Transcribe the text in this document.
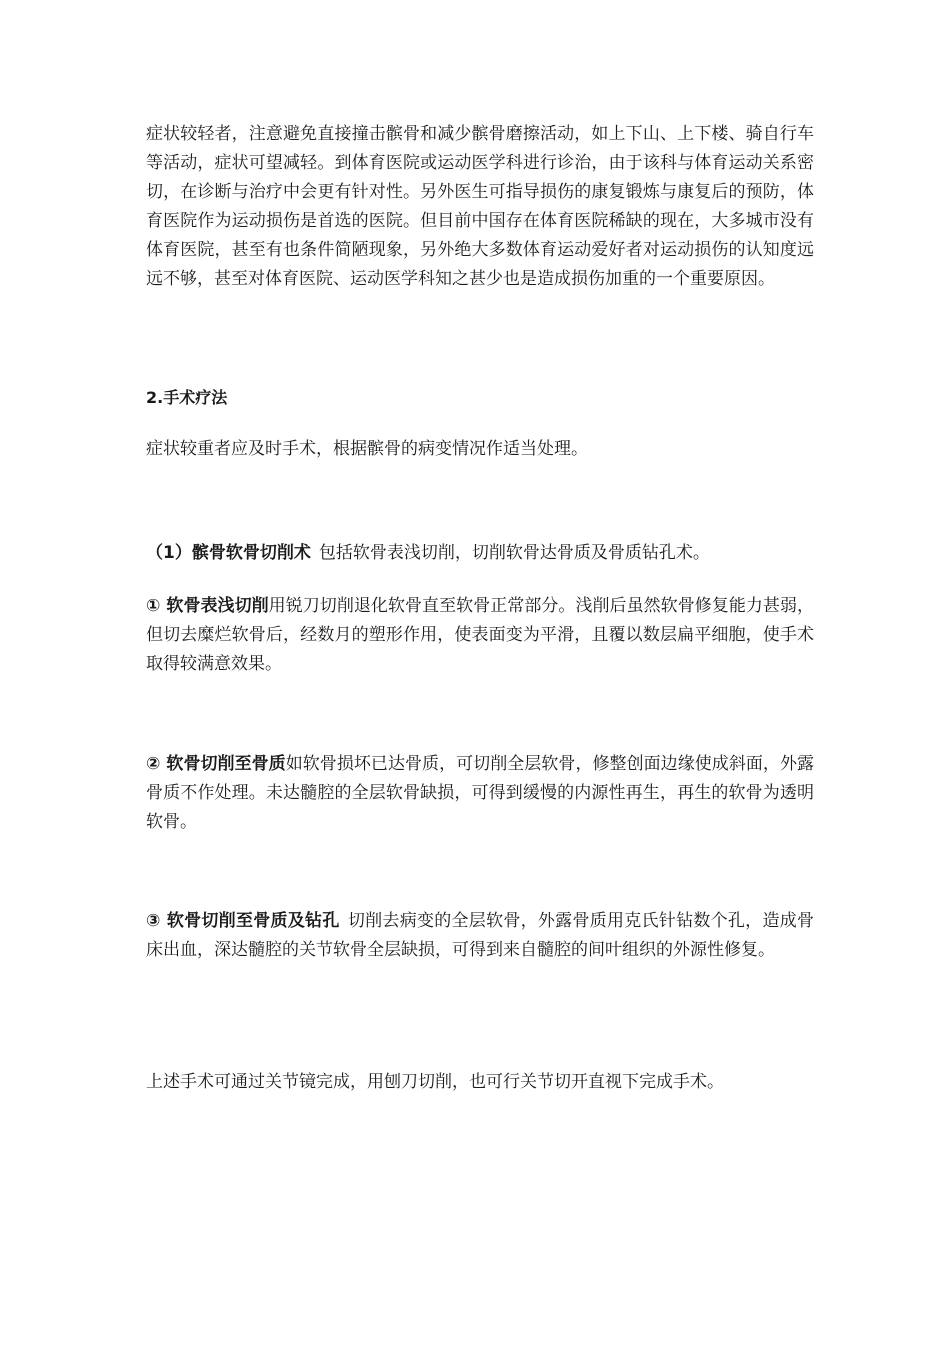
症状较轻者，注意避免直接撞击髌骨和减少髌骨磨擦活动，如上下山、上下楼、骑自行车等活动，症状可望减轻。到体育医院或运动医学科进行诊治，由于该科与体育运动关系密切，在诊断与治疗中会更有针对性。另外医生可指导损伤的康复锻炼与康复后的预防，体育医院作为运动损伤是首选的医院。但目前中国存在体育医院稀缺的现在，大多城市没有体育医院，甚至有也条件简陋现象，另外绝大多数体育运动爱好者对运动损伤的认知度远远不够，甚至对体育医院、运动医学科知之甚少也是造成损伤加重的一个重要原因。

2.手术疗法

症状较重者应及时手术，根据髌骨的病变情况作适当处理。

（1）髌骨软骨切削术 包括软骨表浅切削，切削软骨达骨质及骨质钻孔术。

① 软骨表浅切削用锐刀切削退化软骨直至软骨正常部分。浅削后虽然软骨修复能力甚弱，但切去糜烂软骨后，经数月的塑形作用，使表面变为平滑，且覆以数层扁平细胞，使手术取得较满意效果。

② 软骨切削至骨质如软骨损坏已达骨质，可切削全层软骨，修整创面边缘使成斜面，外露骨质不作处理。未达髓腔的全层软骨缺损，可得到缓慢的内源性再生，再生的软骨为透明软骨。

③ 软骨切削至骨质及钻孔 切削去病变的全层软骨，外露骨质用克氏针钻数个孔，造成骨床出血，深达髓腔的关节软骨全层缺损，可得到来自髓腔的间叶组织的外源性修复。

上述手术可通过关节镜完成，用刨刀切削，也可行关节切开直视下完成手术。
